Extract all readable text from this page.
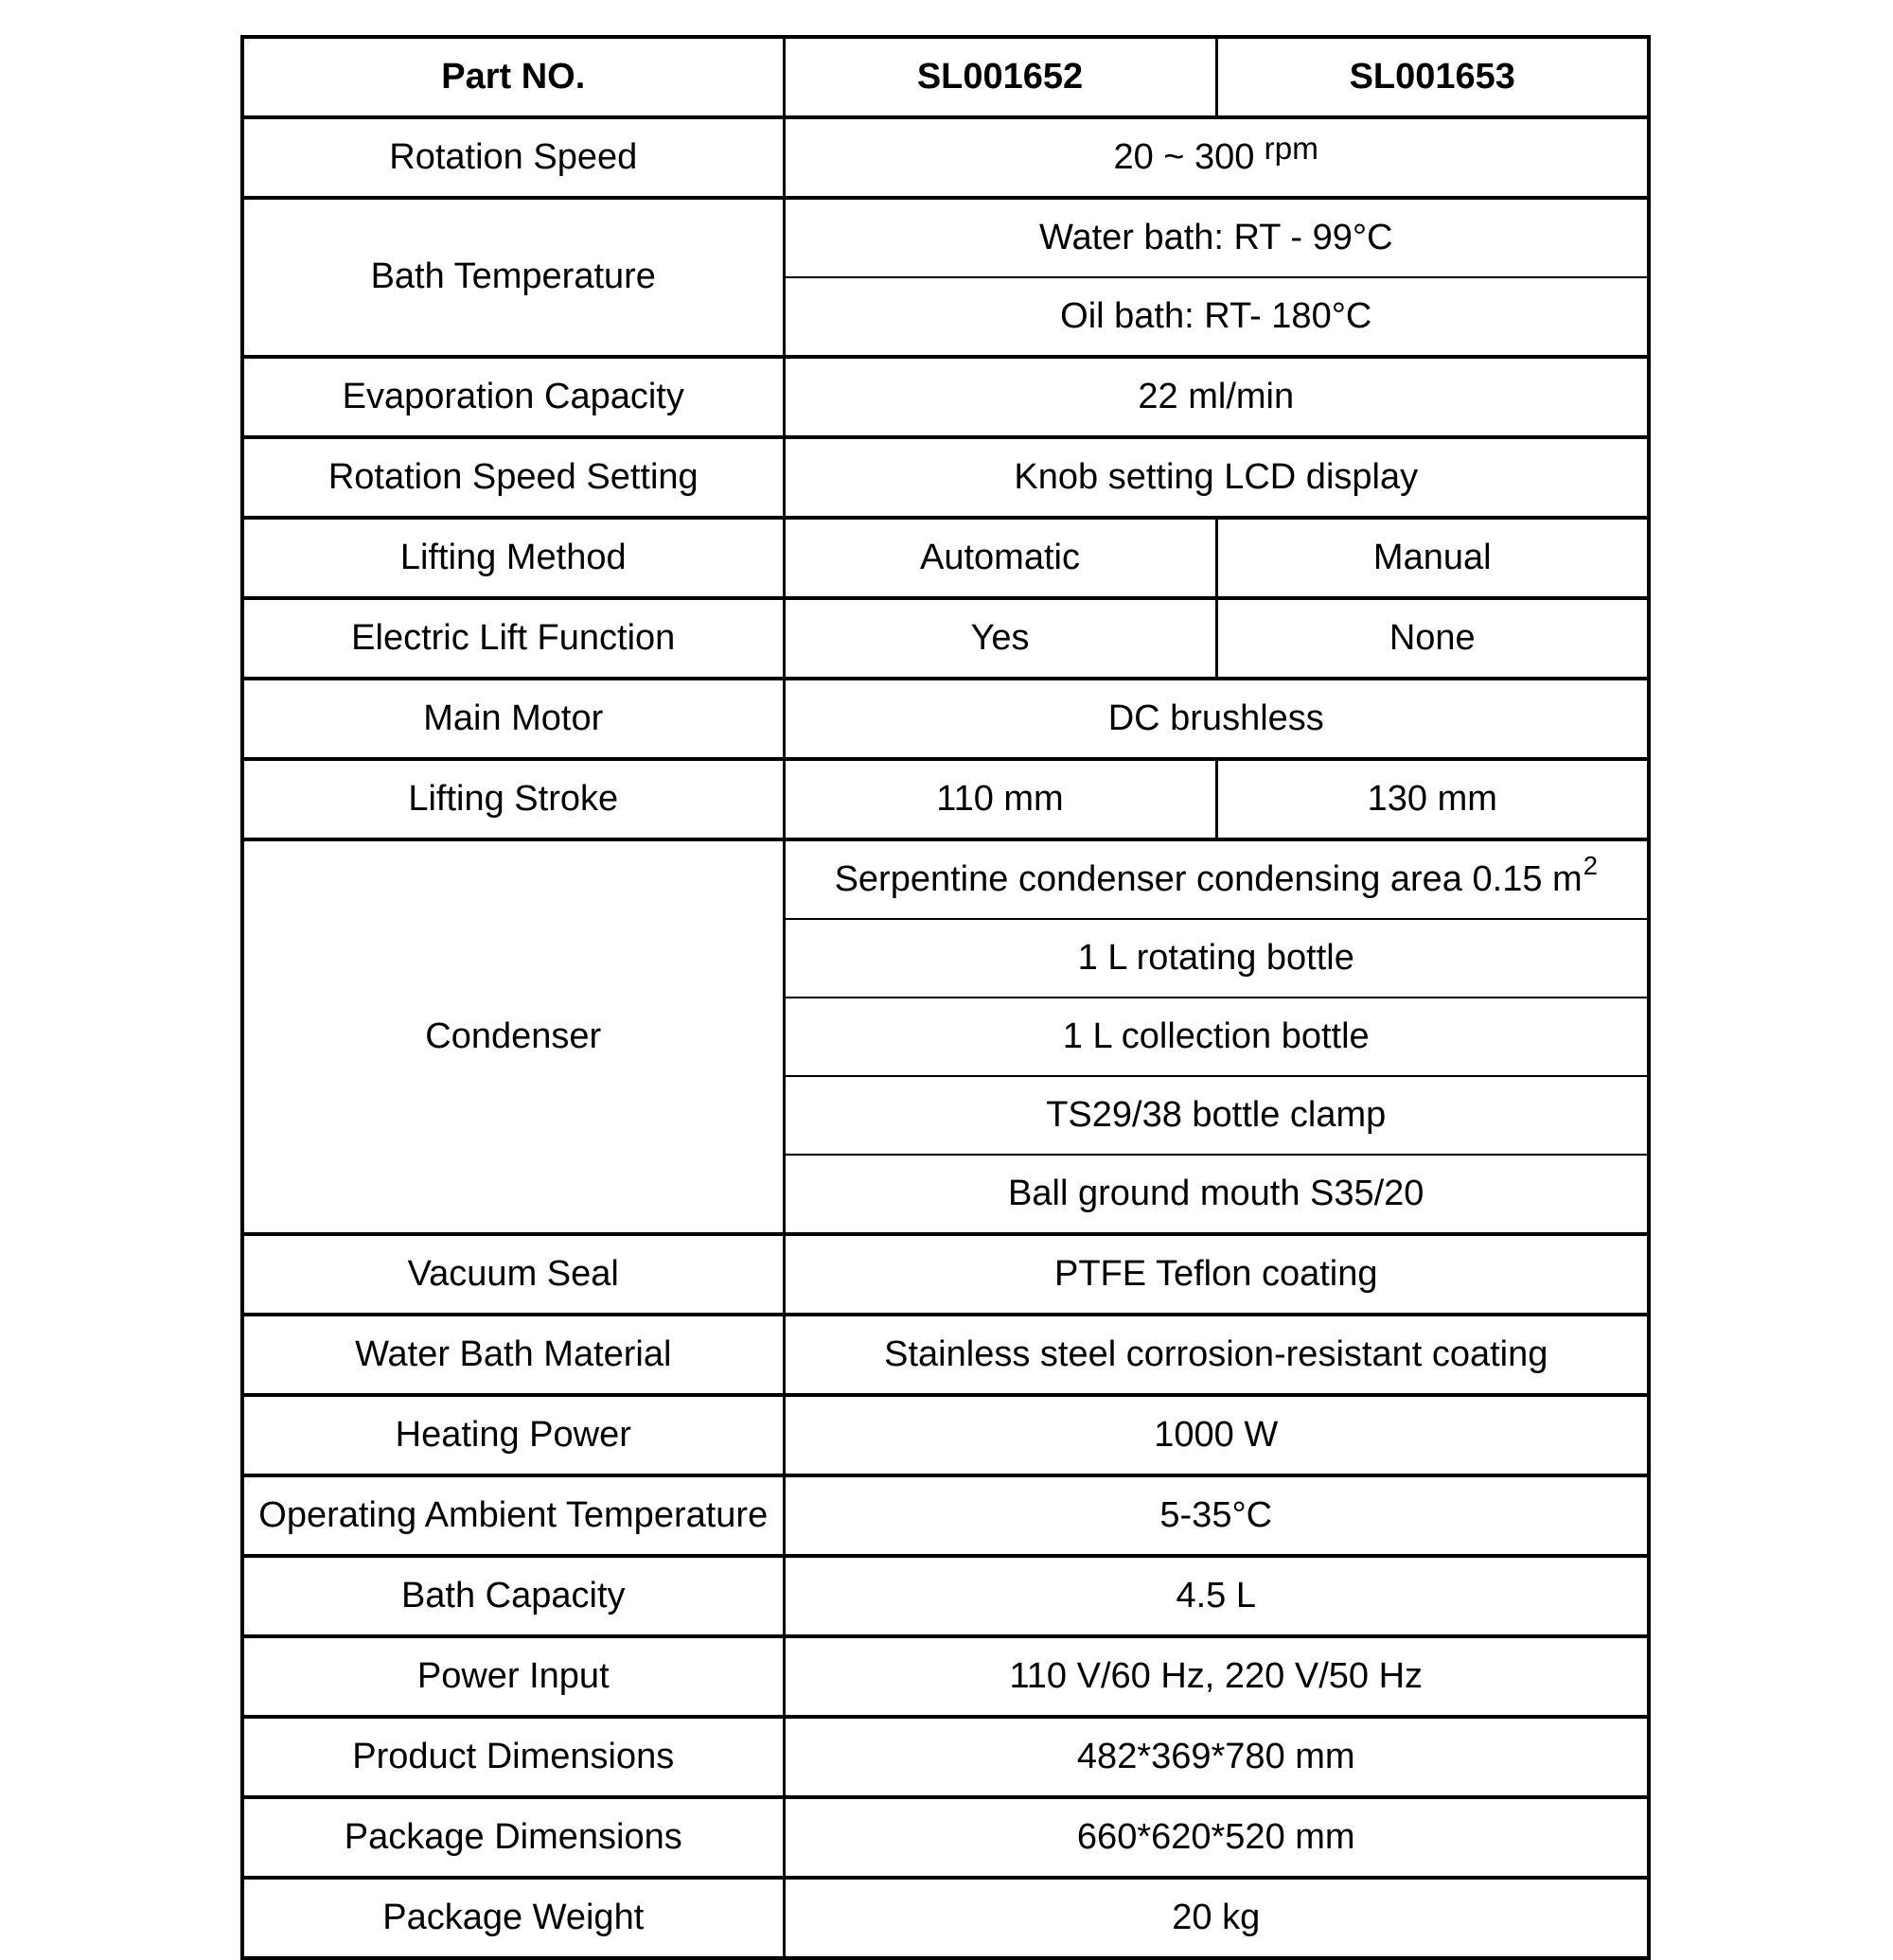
Part NO.	SL001652	SL001653
Rotation Speed	20 ~ 300 rpm	
Bath Temperature	Water bath: RT - 99°C	
	Oil bath: RT- 180°C	
Evaporation Capacity	22 ml/min	
Rotation Speed Setting	Knob setting LCD display	
Lifting Method	Automatic	Manual
Electric Lift Function	Yes	None
Main Motor	DC brushless	
Lifting Stroke	110 mm	130 mm
Condenser	Serpentine condenser condensing area 0.15 m2	
	1 L rotating bottle	
	1 L collection bottle	
	TS29/38 bottle clamp	
	Ball ground mouth S35/20	
Vacuum Seal	PTFE Teflon coating	
Water Bath Material	Stainless steel corrosion-resistant coating	
Heating Power	1000 W	
Operating Ambient Temperature	5-35°C	
Bath Capacity	4.5 L	
Power Input	110 V/60 Hz, 220 V/50 Hz	
Product Dimensions	482*369*780 mm	
Package Dimensions	660*620*520 mm	
Package Weight	20 kg	
